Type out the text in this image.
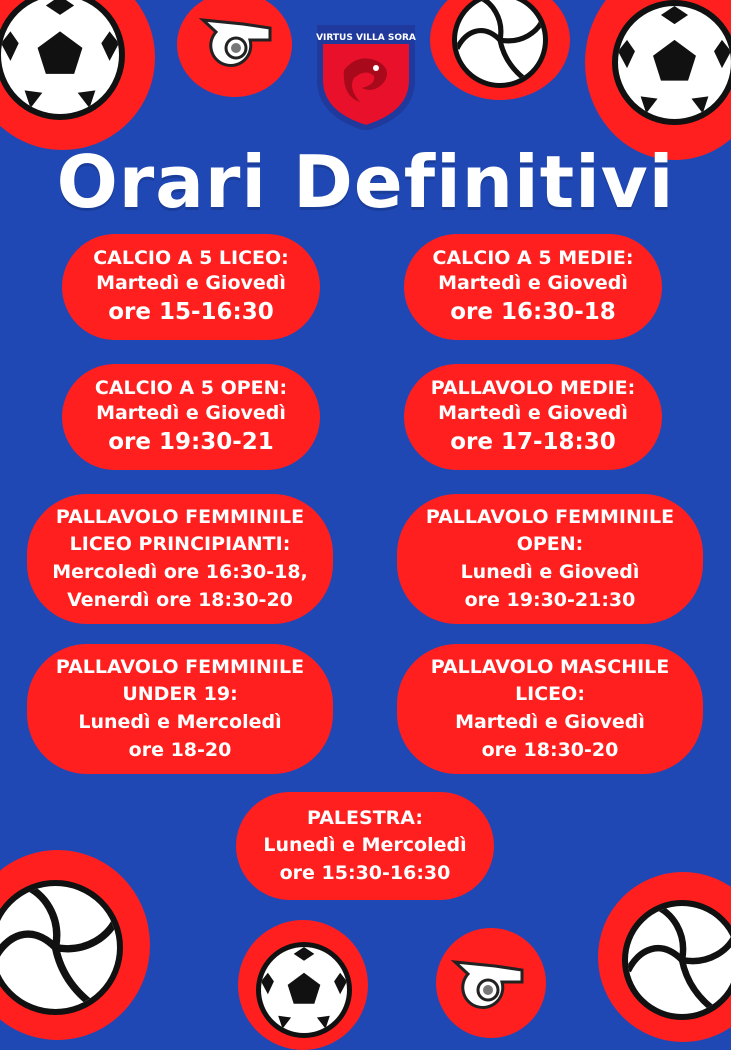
VIRTUS VILLA SORA
Orari Definitivi
CALCIO A 5 LICEO:
Martedì e Giovedì
ore 15-16:30
CALCIO A 5 MEDIE:
Martedì e Giovedì
ore 16:30-18
CALCIO A 5 OPEN:
Martedì e Giovedì
ore 19:30-21
PALLAVOLO MEDIE:
Martedì e Giovedì
ore 17-18:30
PALLAVOLO FEMMINILE
LICEO PRINCIPIANTI:
Mercoledì ore 16:30-18,
Venerdì ore 18:30-20
PALLAVOLO FEMMINILE
OPEN:
Lunedì e Giovedì
ore 19:30-21:30
PALLAVOLO FEMMINILE
UNDER 19:
Lunedì e Mercoledì
ore 18-20
PALLAVOLO MASCHILE
LICEO:
Martedì e Giovedì
ore 18:30-20
PALESTRA:
Lunedì e Mercoledì
ore 15:30-16:30
